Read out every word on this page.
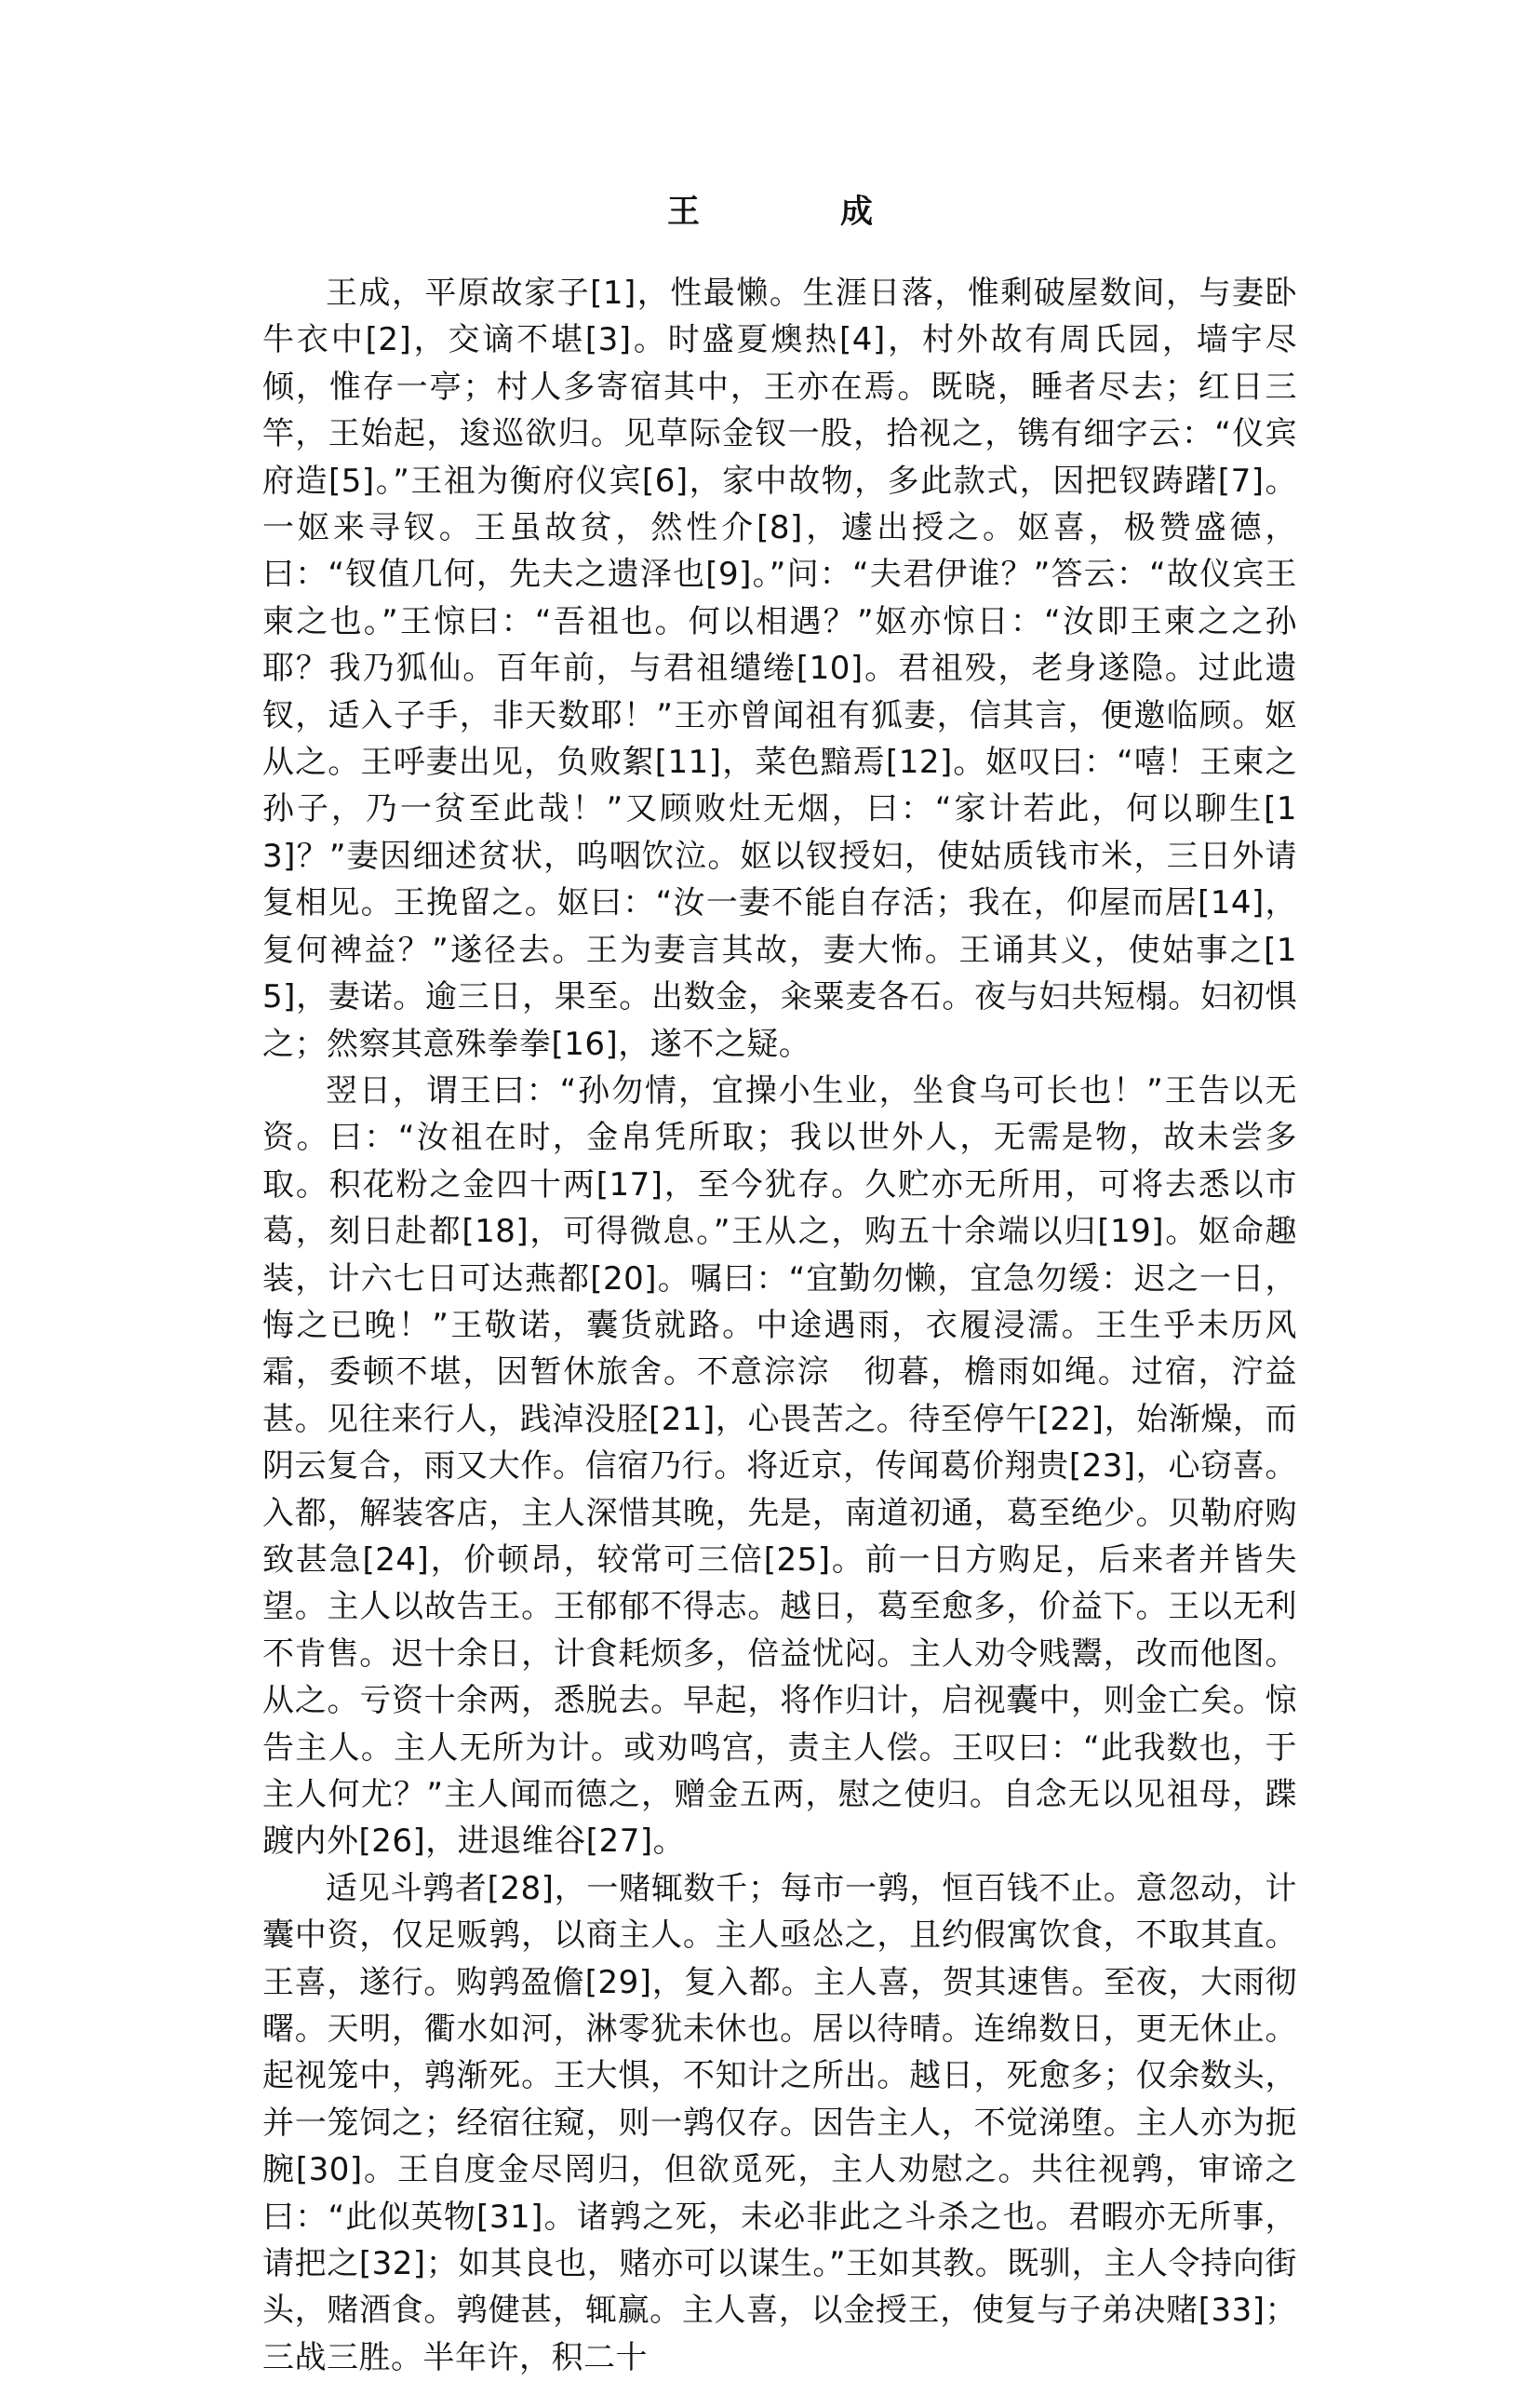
王　成

王成，平原故家子[1]，性最懒。生涯日落，惟剩破屋数间，与妻卧牛衣中[2]，交谪不堪[3]。时盛夏燠热[4]，村外故有周氏园，墙宇尽倾，惟存一亭；村人多寄宿其中，王亦在焉。既晓，睡者尽去；红日三竿，王始起，逡巡欲归。见草际金钗一股，拾视之，镌有细字云：“仪宾府造[5]。”王祖为衡府仪宾[6]，家中故物，多此款式，因把钗踌躇[7]。一妪来寻钗。王虽故贫，然性介[8]，遽出授之。妪喜，极赞盛德，曰：“钗值几何，先夫之遗泽也[9]。”问：“夫君伊谁？”答云：“故仪宾王柬之也。”王惊曰：“吾祖也。何以相遇？”妪亦惊日：“汝即王柬之之孙耶？我乃狐仙。百年前，与君祖缱绻[10]。君祖殁，老身遂隐。过此遗钗，适入子手，非天数耶！”王亦曾闻祖有狐妻，信其言，便邀临顾。妪从之。王呼妻出见，负败絮[11]，菜色黯焉[12]。妪叹曰：“嘻！王柬之孙子，乃一贫至此哉！”又顾败灶无烟，曰：“家计若此，何以聊生[13]？”妻因细述贫状，呜咽饮泣。妪以钗授妇，使姑质钱市米，三日外请复相见。王挽留之。妪曰：“汝一妻不能自存活；我在，仰屋而居[14]，复何裨益？”遂径去。王为妻言其故，妻大怖。王诵其义，使姑事之[15]，妻诺。逾三日，果至。出数金，籴粟麦各石。夜与妇共短榻。妇初惧之；然察其意殊拳拳[16]，遂不之疑。

翌日，谓王曰：“孙勿情，宜操小生业，坐食乌可长也！”王告以无资。曰：“汝祖在时，金帛凭所取；我以世外人，无需是物，故未尝多取。积花粉之金四十两[17]，至今犹存。久贮亦无所用，可将去悉以市葛，刻日赴都[18]，可得微息。”王从之，购五十余端以归[19]。妪命趣装，计六七日可达燕都[20]。嘱曰：“宜勤勿懒，宜急勿缓：迟之一日，悔之已晚！”王敬诺，囊货就路。中途遇雨，衣履浸濡。王生乎未历风霜，委顿不堪，因暂休旅舍。不意淙淙　彻暮，檐雨如绳。过宿，泞益甚。见往来行人，践淖没胫[21]，心畏苦之。待至停午[22]，始渐燥，而阴云复合，雨又大作。信宿乃行。将近京，传闻葛价翔贵[23]，心窃喜。入都，解装客店，主人深惜其晚，先是，南道初通，葛至绝少。贝勒府购致甚急[24]，价顿昂，较常可三倍[25]。前一日方购足，后来者并皆失望。主人以故告王。王郁郁不得志。越日，葛至愈多，价益下。王以无利不肯售。迟十余日，计食耗烦多，倍益忧闷。主人劝令贱鬻，改而他图。从之。亏资十余两，悉脱去。早起，将作归计，启视囊中，则金亡矣。惊告主人。主人无所为计。或劝鸣宫，责主人偿。王叹曰：“此我数也，于主人何尤？”主人闻而德之，赠金五两，慰之使归。自念无以见祖母，蹀踱内外[26]，进退维谷[27]。

适见斗鹑者[28]，一赌辄数千；每市一鹑，恒百钱不止。意忽动，计囊中资，仅足贩鹑，以商主人。主人亟怂之，且约假寓饮食，不取其直。王喜，遂行。购鹑盈儋[29]，复入都。主人喜，贺其速售。至夜，大雨彻曙。天明，衢水如河，淋零犹未休也。居以待晴。连绵数日，更无休止。起视笼中，鹑渐死。王大惧，不知计之所出。越日，死愈多；仅余数头，并一笼饲之；经宿往窥，则一鹑仅存。因告主人，不觉涕堕。主人亦为扼腕[30]。王自度金尽罔归，但欲觅死，主人劝慰之。共往视鹑，审谛之曰：“此似英物[31]。诸鹑之死，未必非此之斗杀之也。君暇亦无所事，请把之[32]；如其良也，赌亦可以谋生。”王如其教。既驯，主人令持向街头，赌酒食。鹑健甚，辄赢。主人喜，以金授王，使复与子弟决赌[33]；三战三胜。半年许，积二十
